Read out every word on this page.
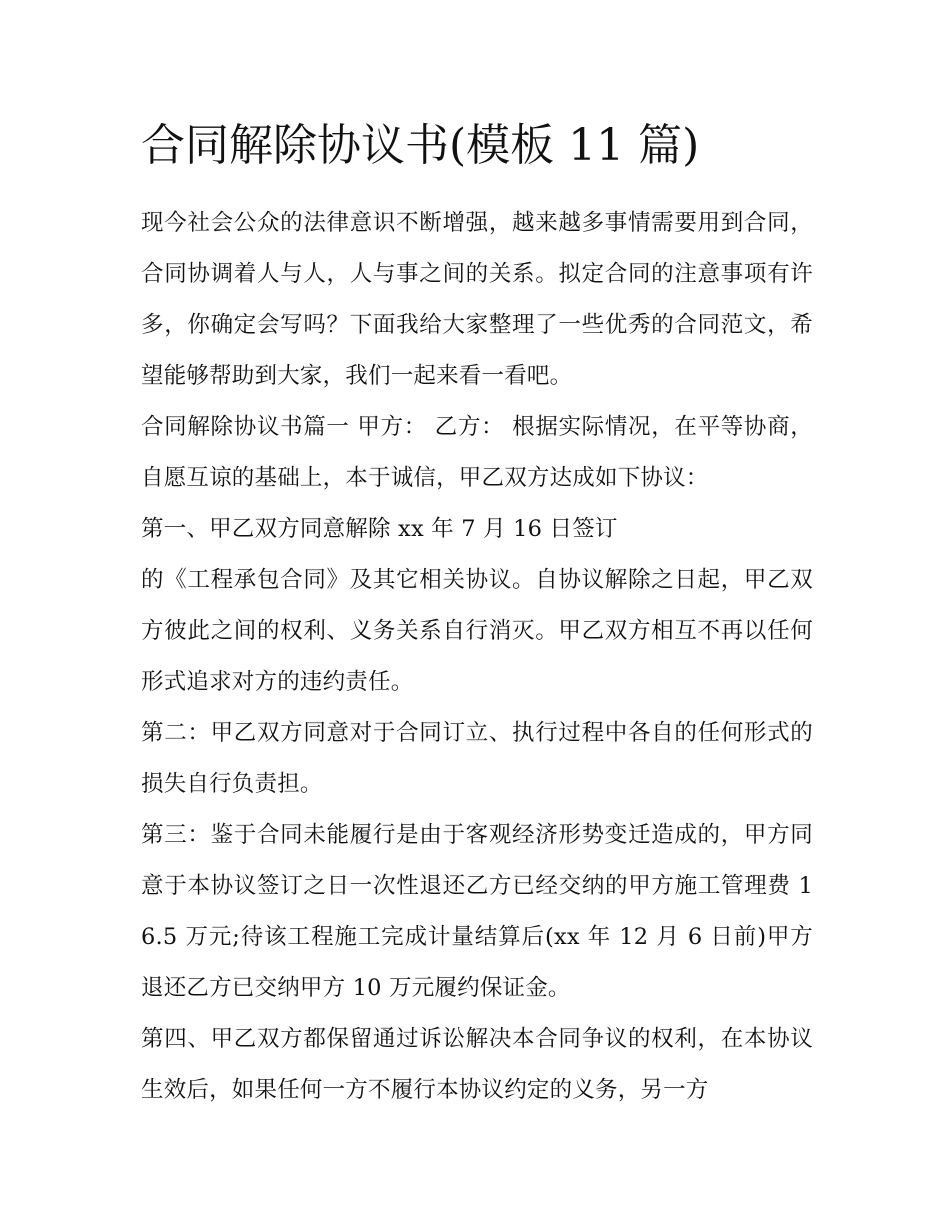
合同解除协议书(模板 11 篇)

现今社会公众的法律意识不断增强，越来越多事情需要用到合同，合同协调着人与人，人与事之间的关系。拟定合同的注意事项有许多，你确定会写吗？下面我给大家整理了一些优秀的合同范文，希望能够帮助到大家，我们一起来看一看吧。

合同解除协议书篇一 甲方： 乙方： 根据实际情况，在平等协商，自愿互谅的基础上，本于诚信，甲乙双方达成如下协议：

第一、甲乙双方同意解除 xx 年 7 月 16 日签订

的《工程承包合同》及其它相关协议。自协议解除之日起，甲乙双方彼此之间的权利、义务关系自行消灭。甲乙双方相互不再以任何形式追求对方的违约责任。

第二：甲乙双方同意对于合同订立、执行过程中各自的任何形式的损失自行负责担。

第三：鉴于合同未能履行是由于客观经济形势变迁造成的，甲方同意于本协议签订之日一次性退还乙方已经交纳的甲方施工管理费 16.5 万元;待该工程施工完成计量结算后(xx 年 12 月 6 日前)甲方退还乙方已交纳甲方 10 万元履约保证金。

第四、甲乙双方都保留通过诉讼解决本合同争议的权利，在本协议生效后，如果任何一方不履行本协议约定的义务，另一方
